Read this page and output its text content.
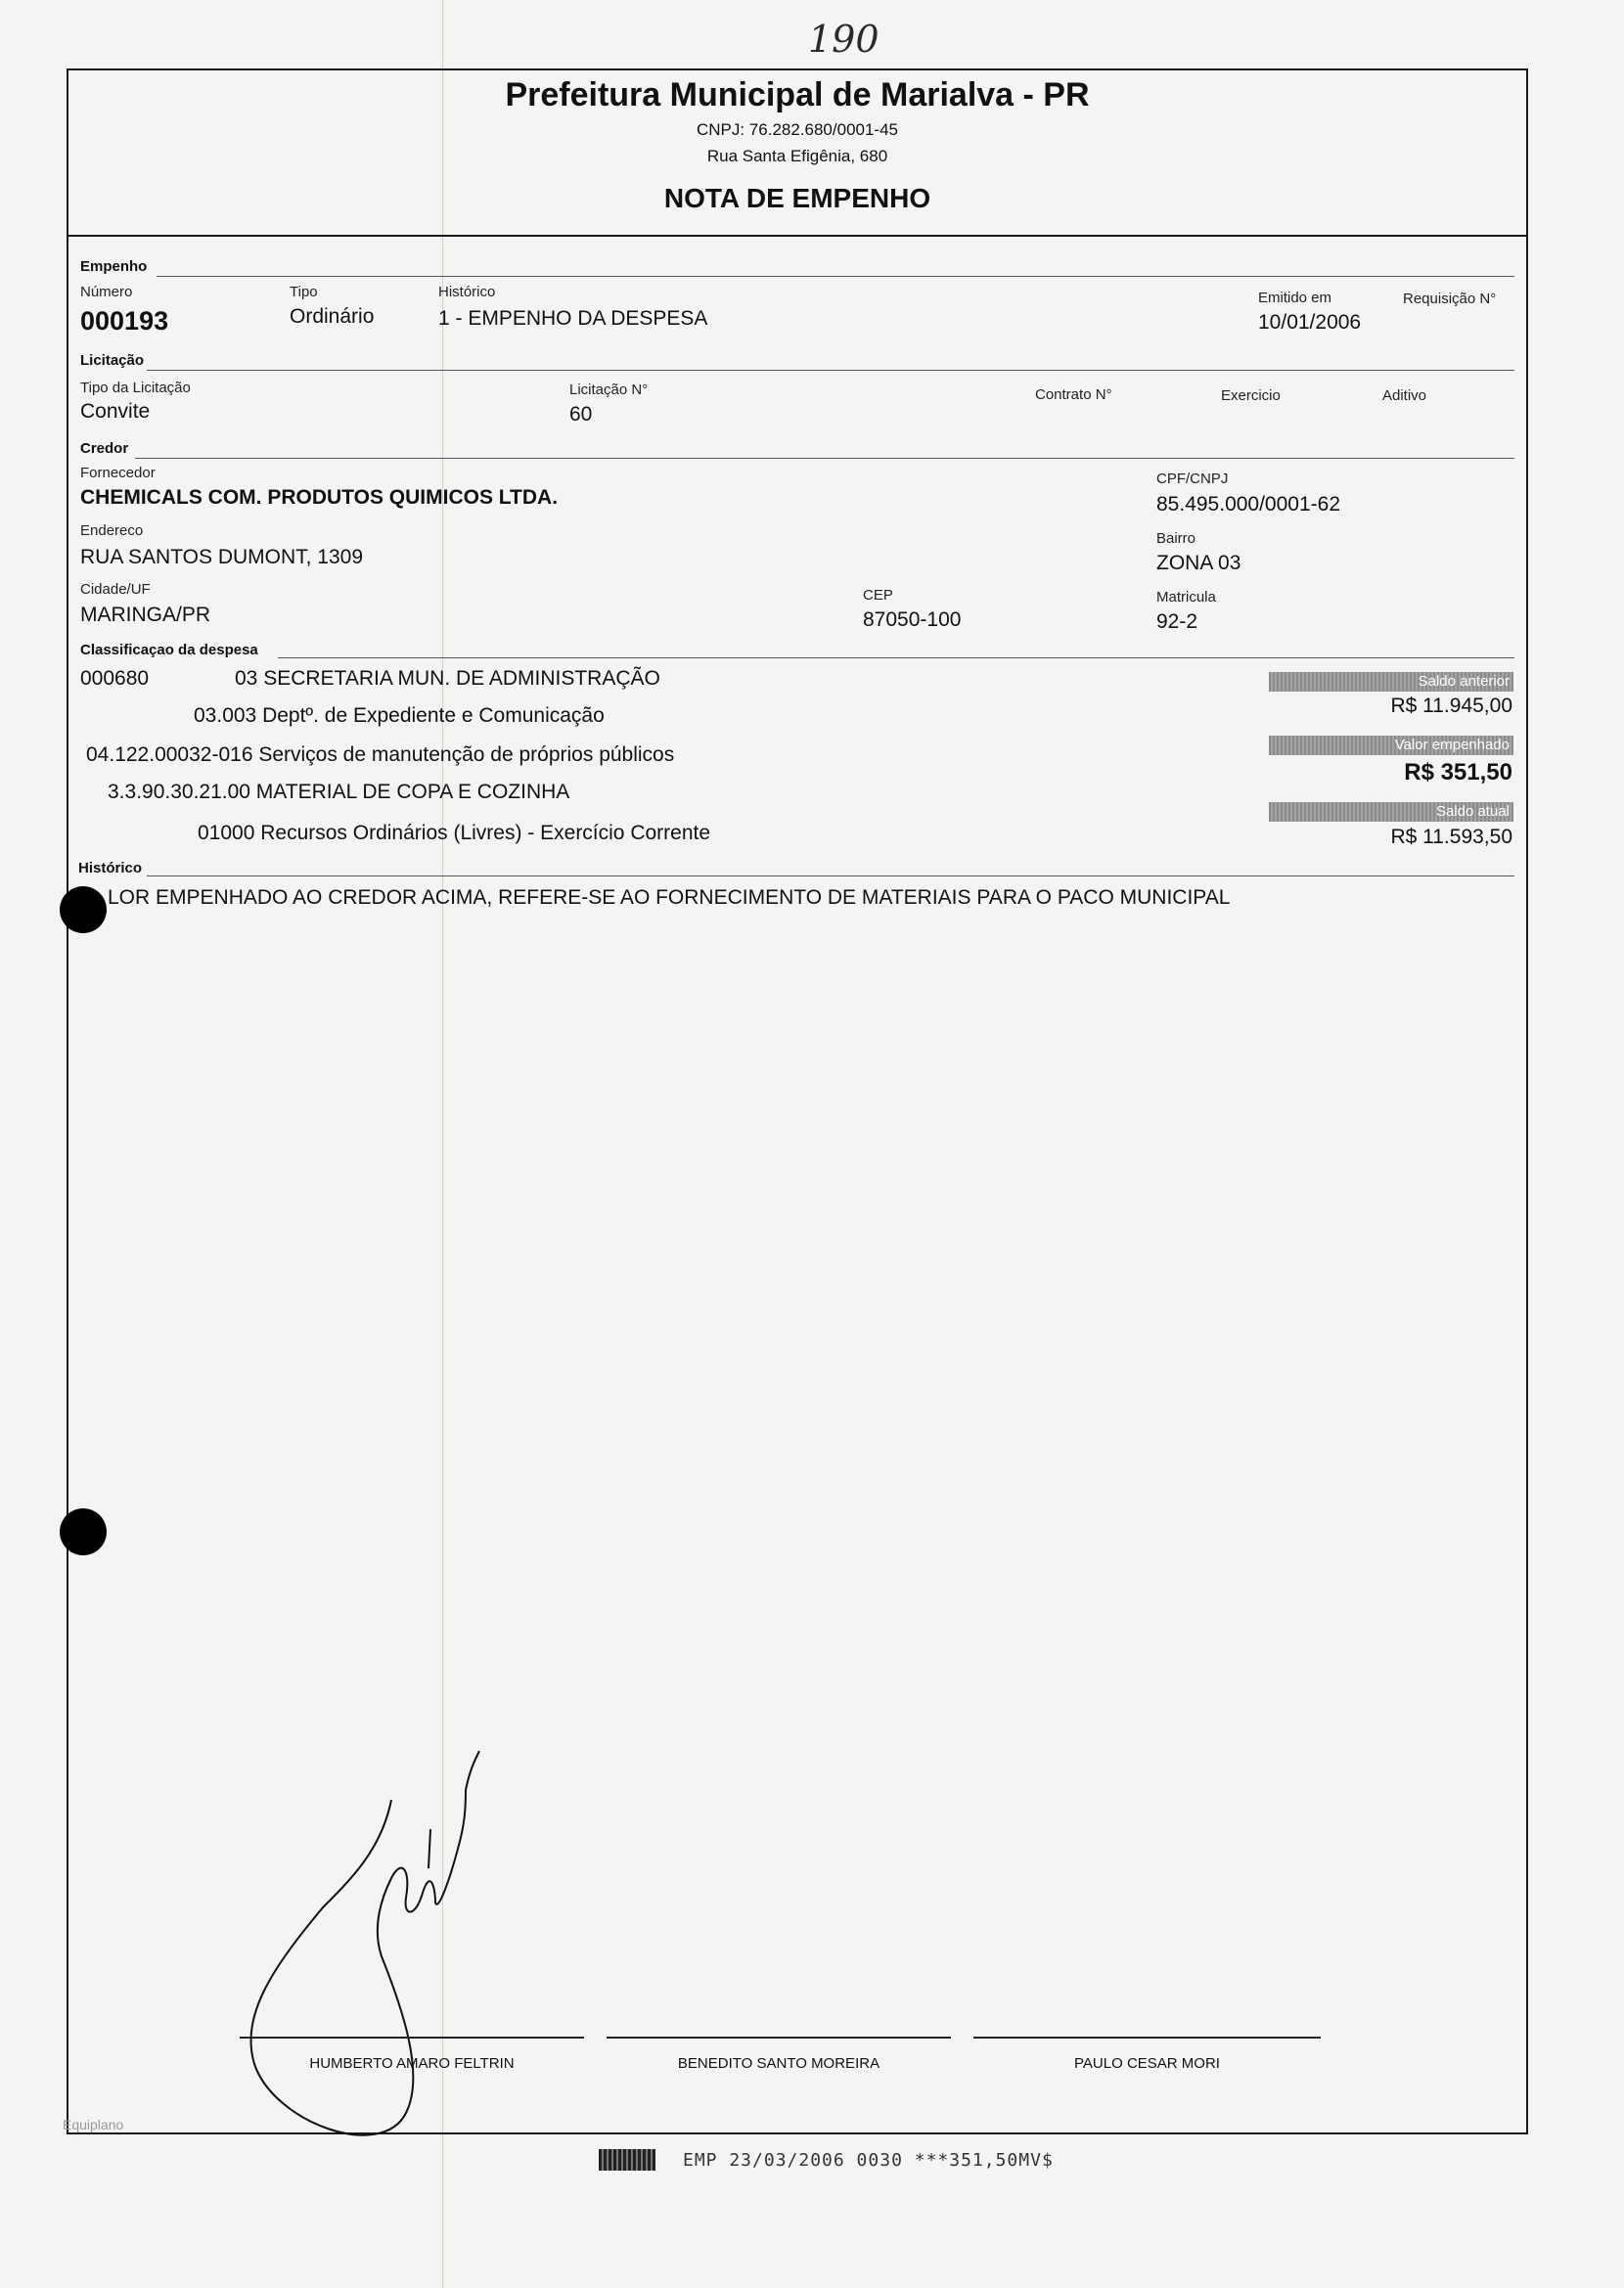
190
Prefeitura Municipal de Marialva - PR
CNPJ: 76.282.680/0001-45
Rua Santa Efigênia, 680
NOTA DE EMPENHO
Empenho
Número
000193
Tipo
Ordinário
Histórico
1 - EMPENHO DA DESPESA
Emitido em
10/01/2006
Requisição N°
Licitação
Tipo da Licitação
Convite
Licitação N°
60
Contrato N°	Exercicio	Aditivo
Credor
Fornecedor
CHEMICALS COM. PRODUTOS QUIMICOS LTDA.
CPF/CNPJ
85.495.000/0001-62
Endereco
RUA SANTOS DUMONT, 1309
Bairro
ZONA 03
Cidade/UF
MARINGA/PR
CEP
87050-100
Matricula
92-2
Classificaçao da despesa
000680	03 SECRETARIA MUN. DE ADMINISTRAÇÃO
03.003 Deptº. de Expediente e Comunicação
04.122.00032-016 Serviços de manutenção de próprios públicos
3.3.90.30.21.00 MATERIAL DE COPA E COZINHA
01000 Recursos Ordinários (Livres) - Exercício Corrente
Saldo anterior
R$ 11.945,00
Valor empenhado
R$ 351,50
Saldo atual
R$ 11.593,50
Histórico
LOR EMPENHADO AO CREDOR ACIMA, REFERE-SE AO FORNECIMENTO DE MATERIAIS PARA O PACO MUNICIPAL
HUMBERTO AMARO FELTRIN	BENEDITO SANTO MOREIRA	PAULO CESAR MORI
Equiplano
EMP 23/03/2006 0030 ***351,50MV$
